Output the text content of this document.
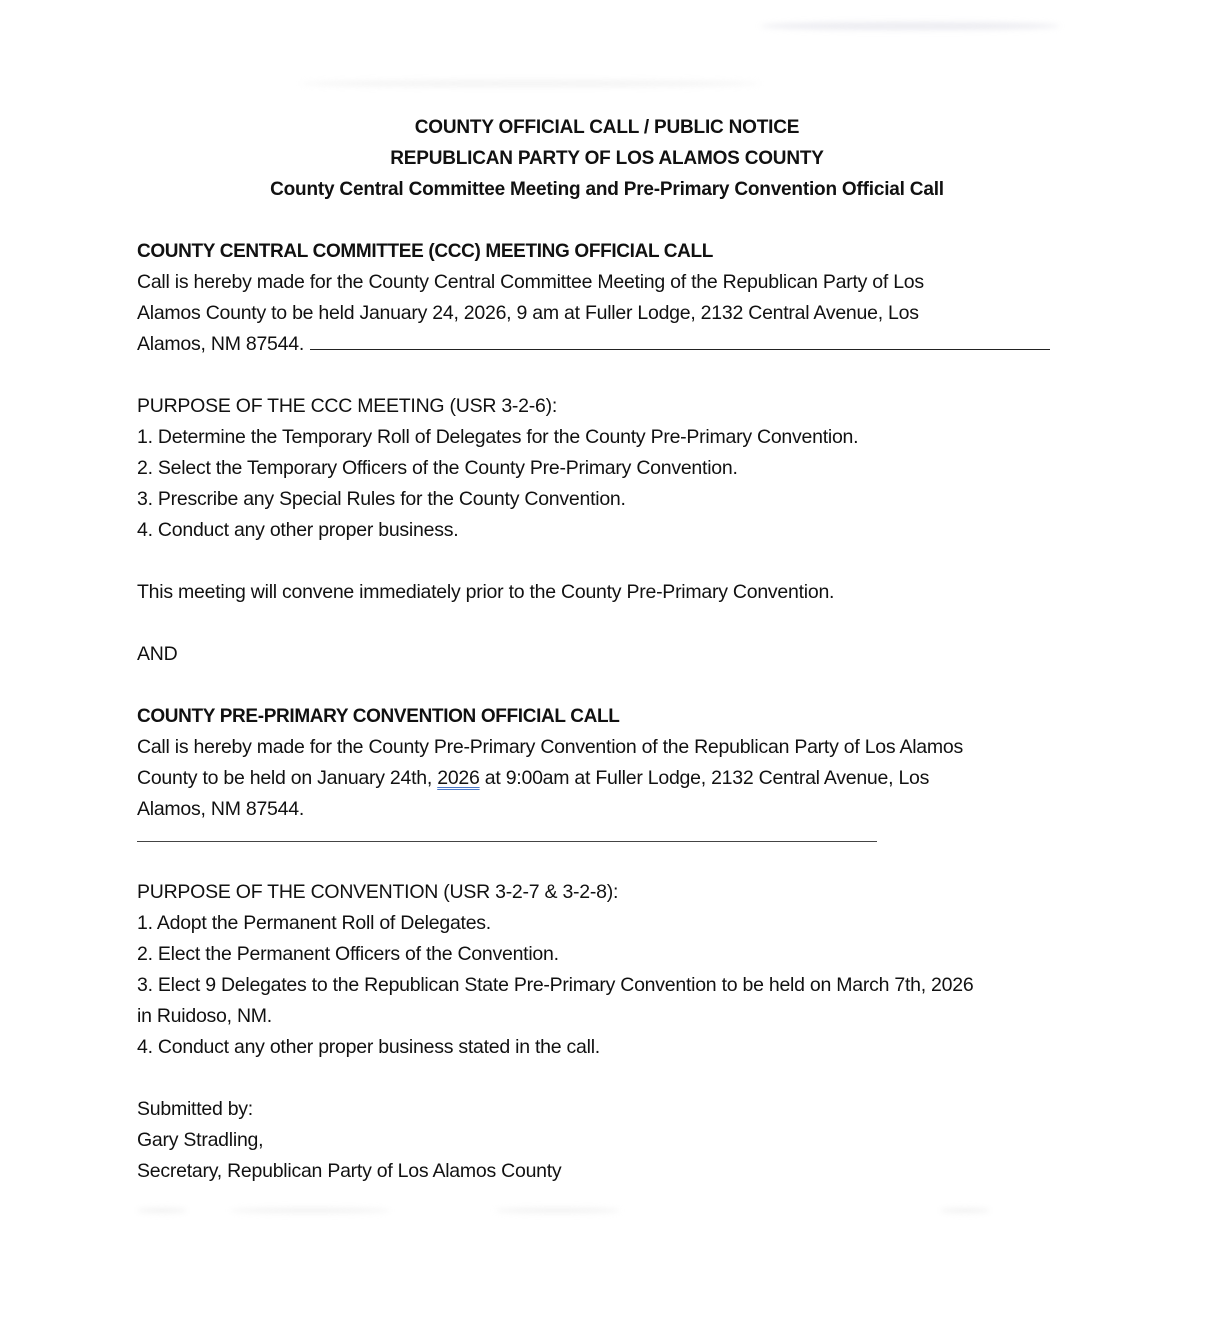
COUNTY OFFICIAL CALL / PUBLIC NOTICE
REPUBLICAN PARTY OF LOS ALAMOS COUNTY
County Central Committee Meeting and Pre-Primary Convention Official Call
COUNTY CENTRAL COMMITTEE (CCC) MEETING OFFICIAL CALL
Call is hereby made for the County Central Committee Meeting of the Republican Party of Los
Alamos County to be held January 24, 2026, 9 am at Fuller Lodge, 2132 Central Avenue, Los
Alamos, NM 87544.
PURPOSE OF THE CCC MEETING (USR 3-2-6):
1. Determine the Temporary Roll of Delegates for the County Pre-Primary Convention.
2. Select the Temporary Officers of the County Pre-Primary Convention.
3. Prescribe any Special Rules for the County Convention.
4. Conduct any other proper business.
This meeting will convene immediately prior to the County Pre-Primary Convention.
AND
COUNTY PRE-PRIMARY CONVENTION OFFICIAL CALL
Call is hereby made for the County Pre-Primary Convention of the Republican Party of Los Alamos
County to be held on January 24th, 2026 at 9:00am at Fuller Lodge, 2132 Central Avenue, Los
Alamos, NM 87544.
PURPOSE OF THE CONVENTION (USR 3-2-7 & 3-2-8):
1. Adopt the Permanent Roll of Delegates.
2. Elect the Permanent Officers of the Convention.
3. Elect 9 Delegates to the Republican State Pre-Primary Convention to be held on March 7th, 2026
in Ruidoso, NM.
4. Conduct any other proper business stated in the call.
Submitted by:
Gary Stradling,
Secretary, Republican Party of Los Alamos County
